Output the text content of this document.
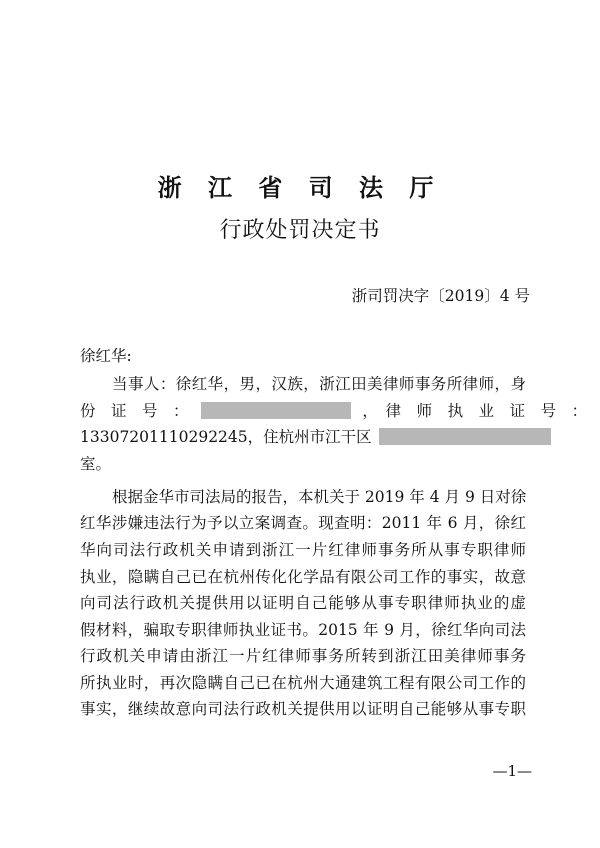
浙 江 省 司 法 厅
行政处罚决定书
浙司罚决字〔2019〕4 号
徐红华:
当事人：徐红华，男，汉族，浙江田美律师事务所律师，身
份　证　号　：	，　律　师　执　业　证　号　：
13307201110292245，住杭州市江干区
室。
根据金华市司法局的报告，本机关于 2019 年 4 月 9 日对徐
红华涉嫌违法行为予以立案调查。现查明：2011 年 6 月，徐红
华向司法行政机关申请到浙江一片红律师事务所从事专职律师
执业，隐瞒自己已在杭州传化化学品有限公司工作的事实，故意
向司法行政机关提供用以证明自己能够从事专职律师执业的虚
假材料，骗取专职律师执业证书。2015 年 9 月，徐红华向司法
行政机关申请由浙江一片红律师事务所转到浙江田美律师事务
所执业时，再次隐瞒自己已在杭州大通建筑工程有限公司工作的
事实，继续故意向司法行政机关提供用以证明自己能够从事专职
—1—
